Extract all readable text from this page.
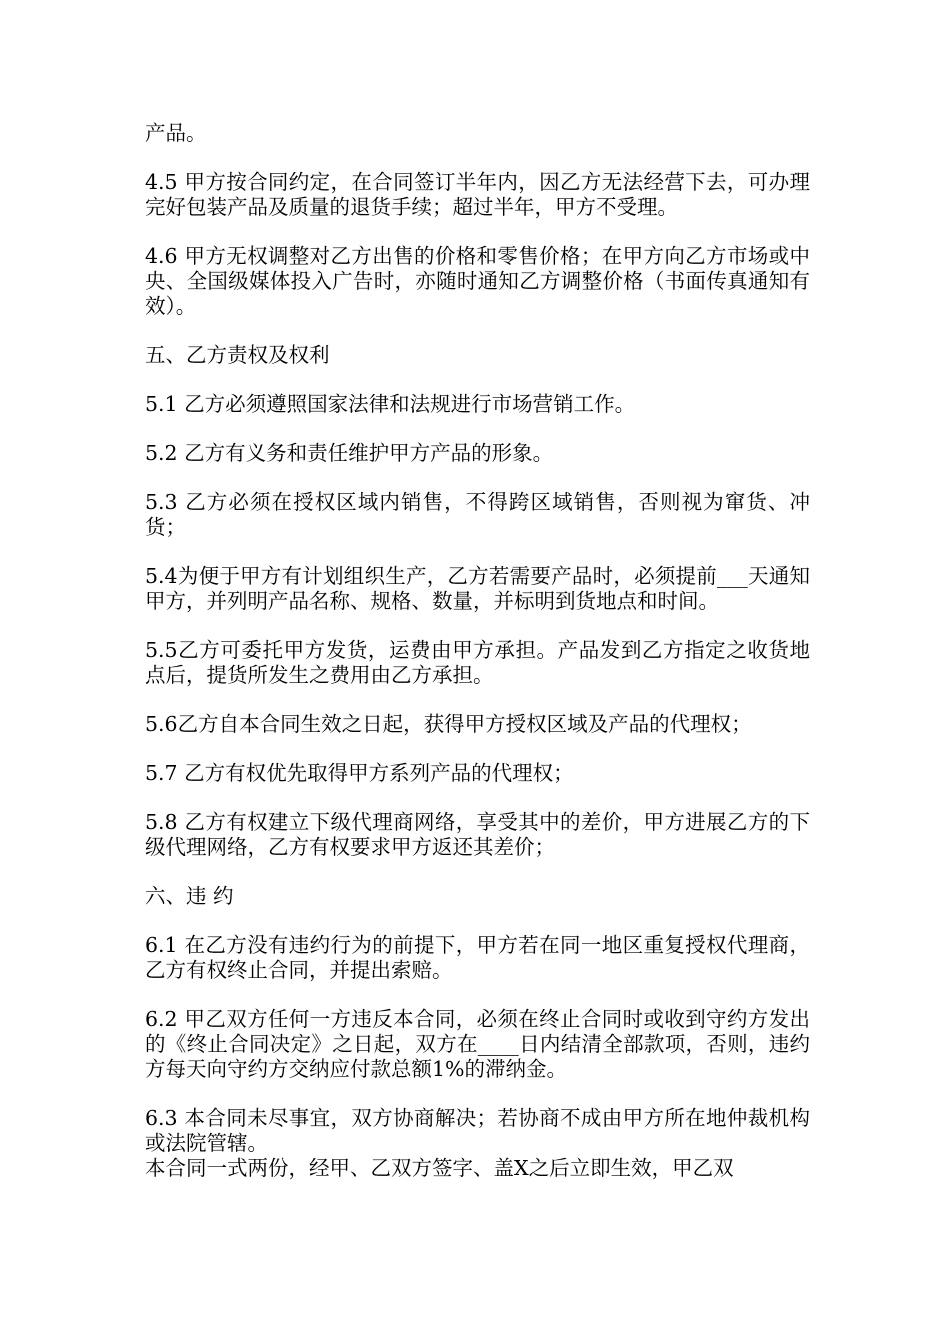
产品。

4.5 甲方按合同约定，在合同签订半年内，因乙方无法经营下去，可办理完好包装产品及质量的退货手续；超过半年，甲方不受理。

4.6 甲方无权调整对乙方出售的价格和零售价格；在甲方向乙方市场或中央、全国级媒体投入广告时，亦随时通知乙方调整价格（书面传真通知有效）。

五、乙方责权及权利

5.1 乙方必须遵照国家法律和法规进行市场营销工作。

5.2 乙方有义务和责任维护甲方产品的形象。

5.3 乙方必须在授权区域内销售，不得跨区域销售，否则视为窜货、冲货；

5.4为便于甲方有计划组织生产，乙方若需要产品时，必须提前___天通知甲方，并列明产品名称、规格、数量，并标明到货地点和时间。

5.5乙方可委托甲方发货，运费由甲方承担。产品发到乙方指定之收货地点后，提货所发生之费用由乙方承担。

5.6乙方自本合同生效之日起，获得甲方授权区域及产品的代理权；

5.7 乙方有权优先取得甲方系列产品的代理权；

5.8 乙方有权建立下级代理商网络，享受其中的差价，甲方进展乙方的下级代理网络，乙方有权要求甲方返还其差价；

六、违 约

6.1 在乙方没有违约行为的前提下，甲方若在同一地区重复授权代理商，乙方有权终止合同，并提出索赔。

6.2 甲乙双方任何一方违反本合同，必须在终止合同时或收到守约方发出的《终止合同决定》之日起，双方在____日内结清全部款项，否则，违约方每天向守约方交纳应付款总额1%的滞纳金。

6.3 本合同未尽事宜，双方协商解决；若协商不成由甲方所在地仲裁机构或法院管辖。

本合同一式两份，经甲、乙双方签字、盖X之后立即生效，甲乙双
